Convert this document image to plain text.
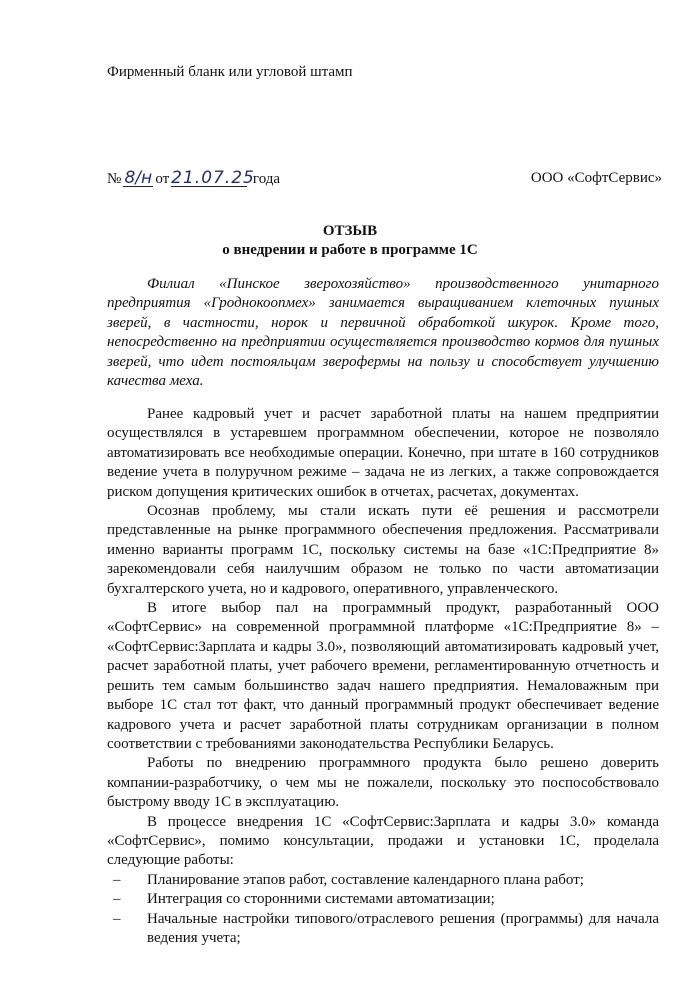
Фирменный бланк или угловой штамп
№ 8/н от 21.07.25 года	ООО «СофтСервис»
ОТЗЫВ
о внедрении и работе в программе 1С

Филиал «Пинское зверохозяйство» производственного унитарного предприятия «Гроднокоопмех» занимается выращиванием клеточных пушных зверей, в частности, норок и первичной обработкой шкурок. Кроме того, непосредственно на предприятии осуществляется производство кормов для пушных зверей, что идет постояльцам зверофермы на пользу и способствует улучшению качества меха.

Ранее кадровый учет и расчет заработной платы на нашем предприятии осуществлялся в устаревшем программном обеспечении, которое не позволяло автоматизировать все необходимые операции. Конечно, при штате в 160 сотрудников ведение учета в полуручном режиме – задача не из легких, а также сопровождается риском допущения критических ошибок в отчетах, расчетах, документах.

Осознав проблему, мы стали искать пути её решения и рассмотрели представленные на рынке программного обеспечения предложения. Рассматривали именно варианты программ 1С, поскольку системы на базе «1С:Предприятие 8» зарекомендовали себя наилучшим образом не только по части автоматизации бухгалтерского учета, но и кадрового, оперативного, управленческого.

В итоге выбор пал на программный продукт, разработанный ООО «СофтСервис» на современной программной платформе «1С:Предприятие 8» – «СофтСервис:Зарплата и кадры 3.0», позволяющий автоматизировать кадровый учет, расчет заработной платы, учет рабочего времени, регламентированную отчетность и решить тем самым большинство задач нашего предприятия. Немаловажным при выборе 1С стал тот факт, что данный программный продукт обеспечивает ведение кадрового учета и расчет заработной платы сотрудникам организации в полном соответствии с требованиями законодательства Республики Беларусь.

Работы по внедрению программного продукта было решено доверить компании-разработчику, о чем мы не пожалели, поскольку это поспособствовало быстрому вводу 1С в эксплуатацию.

В процессе внедрения 1С «СофтСервис:Зарплата и кадры 3.0» команда «СофтСервис», помимо консультации, продажи и установки 1С, проделала следующие работы:

– Планирование этапов работ, составление календарного плана работ;
– Интеграция со сторонними системами автоматизации;
– Начальные настройки типового/отраслевого решения (программы) для начала ведения учета;
